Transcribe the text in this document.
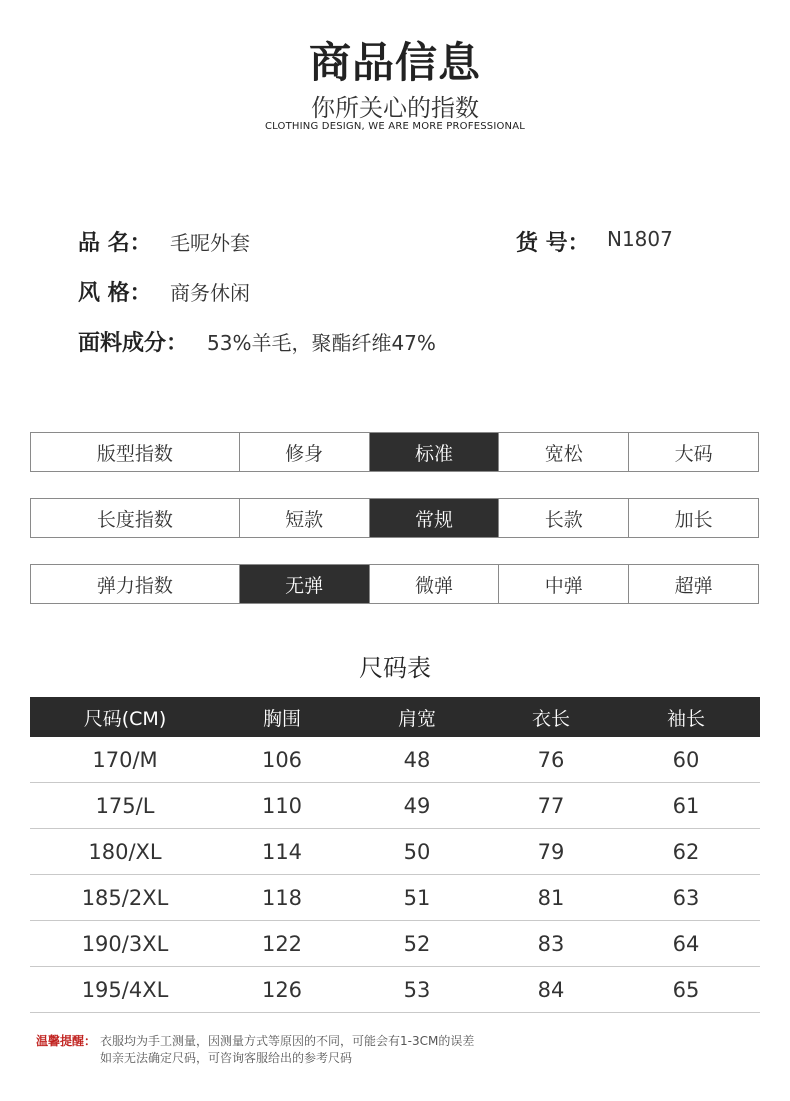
商品信息
你所关心的指数
CLOTHING DESIGN, WE ARE MORE PROFESSIONAL
品 名： 毛呢外套	货 号： N1807
风 格： 商务休闲
面料成分： 53%羊毛，聚酯纤维47%
版型指数	修身	标准	宽松	大码
长度指数	短款	常规	长款	加长
弹力指数	无弹	微弹	中弹	超弹
尺码表
尺码(CM)	胸围	肩宽	衣长	袖长
170/M	106	48	76	60
175/L	110	49	77	61
180/XL	114	50	79	62
185/2XL	118	51	81	63
190/3XL	122	52	83	64
195/4XL	126	53	84	65
温馨提醒： 衣服均为手工测量，因测量方式等原因的不同，可能会有1-3CM的误差
如亲无法确定尺码，可咨询客服给出的参考尺码
